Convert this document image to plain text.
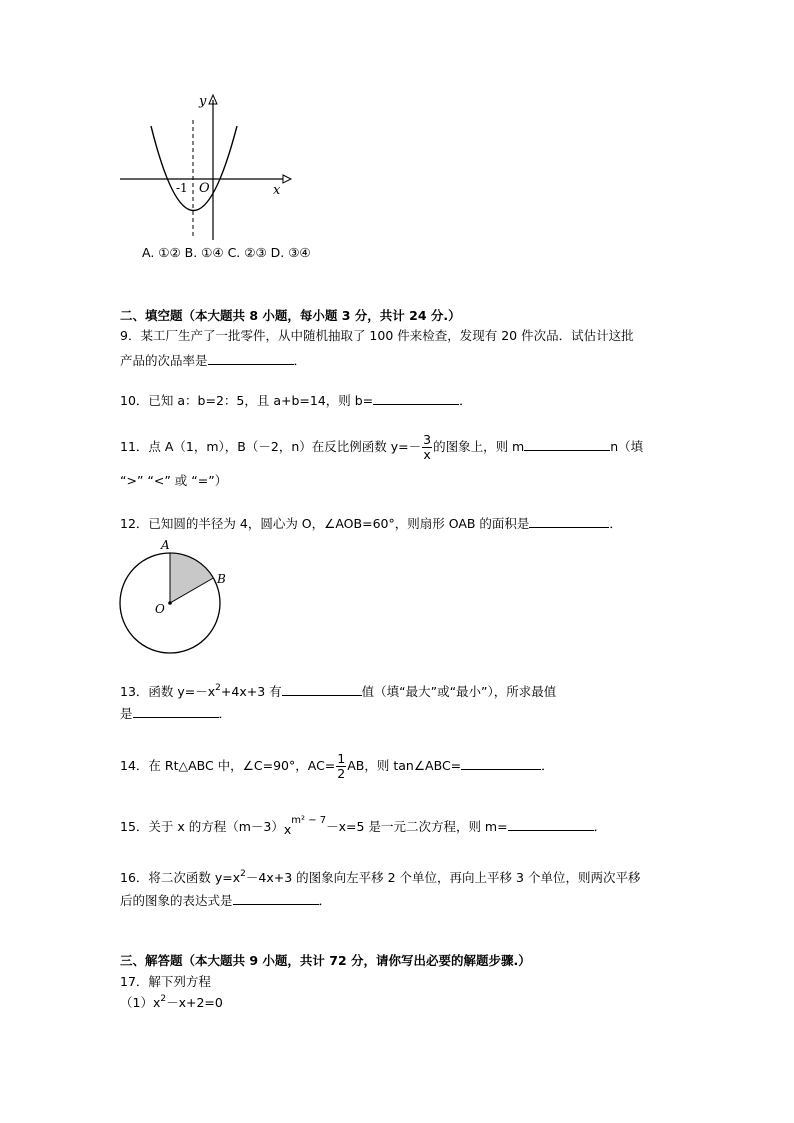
y
x
O
-1
A. ①② B. ①④ C. ②③ D. ③④
二、填空题（本大题共 8 小题，每小题 3 分，共计 24 分.）
9．某工厂生产了一批零件，从中随机抽取了 100 件来检查，发现有 20 件次品．试估计这批
产品的次品率是	．
10．已知 a：b=2：5，且 a+b=14，则 b=	．
11．点 A（1，m），B（－2，n）在反比例函数 $y=- \frac{3}{x}$ 的图象上，则 m	n（填
“>” “<” 或 “=”）
12．已知圆的半径为 4，圆心为 O，∠AOB=60°，则扇形 OAB 的面积是	．
A
B
O
13．函数 $y=-x^2+4x+3$ 有	值（填“最大”或“最小”），所求最值
是	．
14．在 Rt△ABC 中，∠C=90°，$AC= \frac{1}{2}$ AB，则 tan∠ABC=	．
15．关于 x 的方程$(m-3)x^{m^2 - 7}-x=5$ 是一元二次方程，则 m=	．
16．将二次函数 $y=x^2-4x+3$ 的图象向左平移 2 个单位，再向上平移 3 个单位，则两次平移
后的图象的表达式是	．
三、解答题（本大题共 9 小题，共计 72 分，请你写出必要的解题步骤.）
17．解下列方程
$(1)x^2-x+2=0$
